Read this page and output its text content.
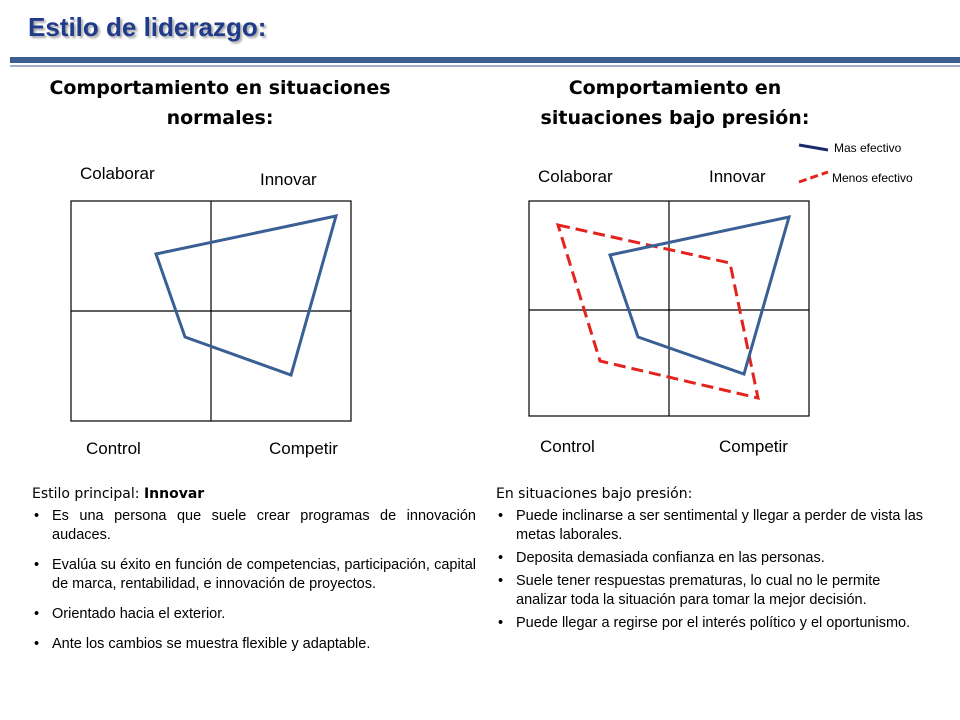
Estilo de liderazgo:
Comportamiento en situaciones
normales:
Colaborar	Innovar
Control	Competir
Comportamiento en
situaciones bajo presión:
Mas efectivo
Menos efectivo
Colaborar	Innovar
Control	Competir
Estilo principal: Innovar
• Es una persona que suele crear programas de innovación audaces.
• Evalúa su éxito en función de competencias, participación, capital de marca, rentabilidad, e innovación de proyectos.
• Orientado hacia el exterior.
• Ante los cambios se muestra flexible y adaptable.
En situaciones bajo presión:
• Puede inclinarse a ser sentimental y llegar a perder de vista las metas laborales.
• Deposita demasiada confianza en las personas.
• Suele tener respuestas prematuras, lo cual no le permite analizar toda la situación para tomar la mejor decisión.
• Puede llegar a regirse por el interés político y el oportunismo.
